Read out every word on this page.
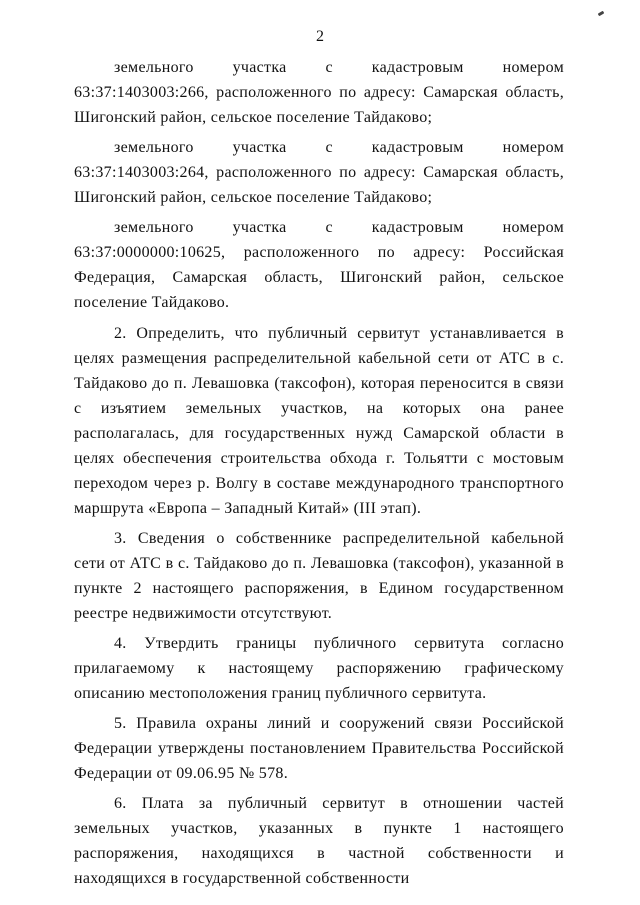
2

земельного участка с кадастровым номером 63:37:1403003:266, расположенного по адресу: Самарская область, Шигонский район, сельское поселение Тайдаково;

земельного участка с кадастровым номером 63:37:1403003:264, расположенного по адресу: Самарская область, Шигонский район, сельское поселение Тайдаково;

земельного участка с кадастровым номером 63:37:0000000:10625, расположенного по адресу: Российская Федерация, Самарская область, Шигонский район, сельское поселение Тайдаково.

2. Определить, что публичный сервитут устанавливается в целях размещения распределительной кабельной сети от АТС в с. Тайдаково до п. Левашовка (таксофон), которая переносится в связи с изъятием земельных участков, на которых она ранее располагалась, для государственных нужд Самарской области в целях обеспечения строительства обхода г. Тольятти с мостовым переходом через р. Волгу в составе международного транспортного маршрута «Европа – Западный Китай» (III этап).

3. Сведения о собственнике распределительной кабельной сети от АТС в с. Тайдаково до п. Левашовка (таксофон), указанной в пункте 2 настоящего распоряжения, в Едином государственном реестре недвижимости отсутствуют.

4. Утвердить границы публичного сервитута согласно прилагаемому к настоящему распоряжению графическому описанию местоположения границ публичного сервитута.

5. Правила охраны линий и сооружений связи Российской Федерации утверждены постановлением Правительства Российской Федерации от 09.06.95 № 578.

6. Плата за публичный сервитут в отношении частей земельных участков, указанных в пункте 1 настоящего распоряжения, находящихся в частной собственности и находящихся в государственной собственности
